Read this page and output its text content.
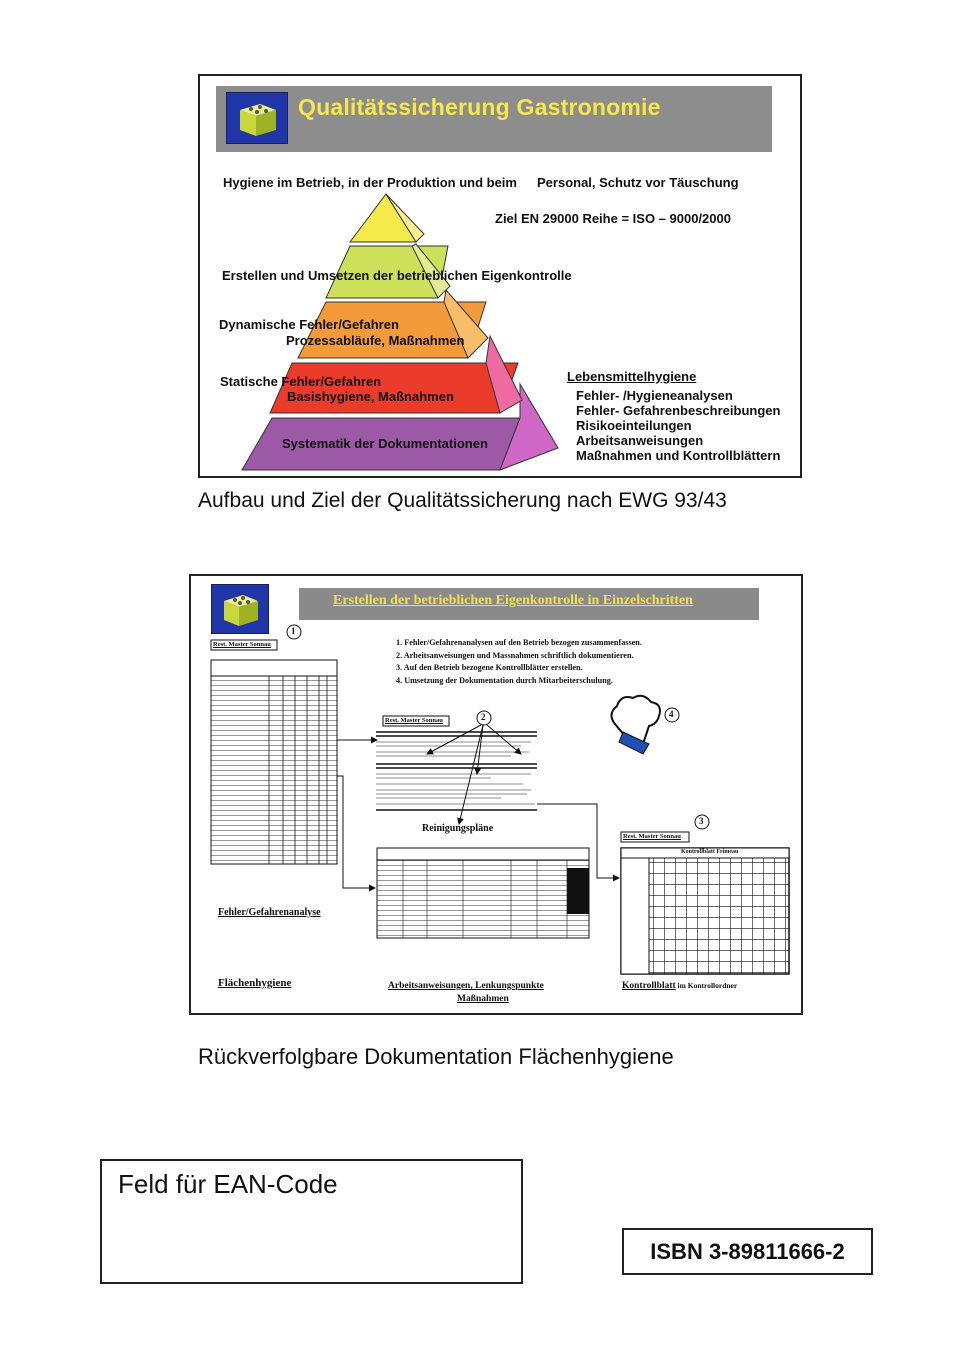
Qualitätssicherung Gastronomie
Hygiene im Betrieb, in der Produktion und beim Personal, Schutz vor Täuschung
Ziel EN 29000 Reihe = ISO – 9000/2000
Erstellen und Umsetzen der betrieblichen Eigenkontrolle
Dynamische Fehler/Gefahren
Prozessabläufe, Maßnahmen
Statische Fehler/Gefahren
Basishygiene, Maßnahmen
Systematik der Dokumentationen
Lebensmittelhygiene
Fehler- /Hygieneanalysen
Fehler- Gefahrenbeschreibungen
Risikoeinteilungen
Arbeitsanweisungen
Maßnahmen und Kontrollblättern
Aufbau und Ziel der Qualitätssicherung nach EWG 93/43
Erstellen der betrieblichen Eigenkontrolle in Einzelschritten
1. Fehler/Gefahrenanalysen auf den Betrieb bezogen zusammenfassen.
2. Arbeitsanweisungen und Massnahmen schriftlich dokumentieren.
3. Auf den Betrieb bezogene Kontrollblätter erstellen.
4. Umsetzung der Dokumentation durch Mitarbeiterschulung.
1
2
3
4
Rest. Master Sonnau
Rest. Master Sonnau
Rest. Master Sonnau
Kontrollblatt Frimeau
Reinigungspläne
Fehler/Gefahrenanalyse
Flächenhygiene	Arbeitsanweisungen, Lenkungspunkte
Maßnahmen
Kontrollblatt im Kontrollordner
Rückverfolgbare Dokumentation Flächenhygiene
Feld für EAN-Code
ISBN 3-89811666-2
